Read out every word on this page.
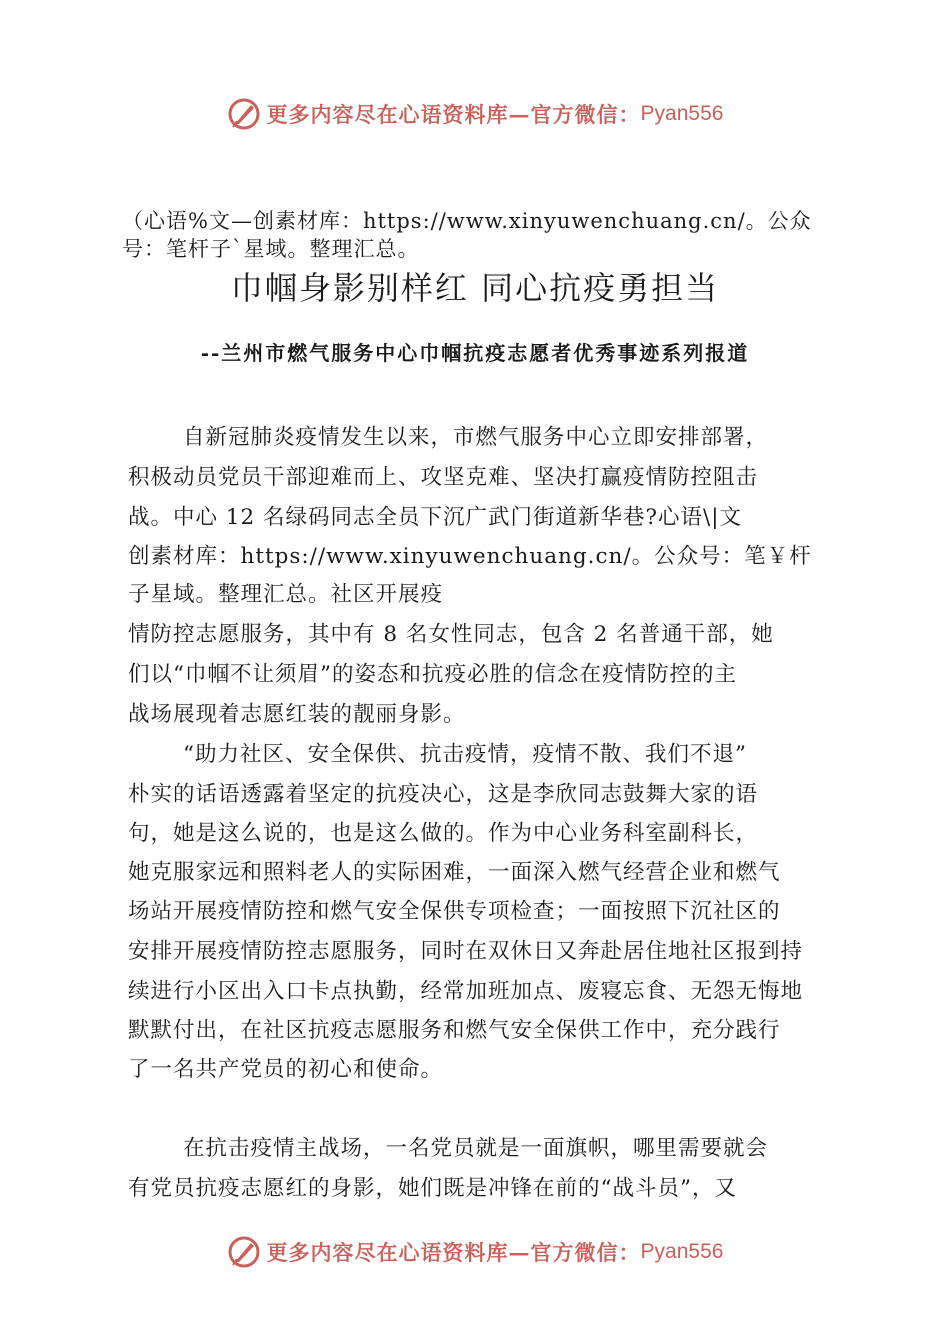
更多内容尽在心语资料库—官方微信： Pyan556
（心语%文—创素材库：https://www.xinyuwenchuang.cn/。公众
号：笔杆子`星域。整理汇总。
巾帼身影别样红 同心抗疫勇担当
--兰州市燃气服务中心巾帼抗疫志愿者优秀事迹系列报道
自新冠肺炎疫情发生以来，市燃气服务中心立即安排部署，
积极动员党员干部迎难而上、攻坚克难、坚决打赢疫情防控阻击
战。中心 12 名绿码同志全员下沉广武门街道新华巷?心语\|文
创素材库：https://www.xinyuwenchuang.cn/。公众号：笔￥杆
子星域。整理汇总。社区开展疫
情防控志愿服务，其中有 8 名女性同志，包含 2 名普通干部，她
们以“巾帼不让须眉”的姿态和抗疫必胜的信念在疫情防控的主
战场展现着志愿红装的靓丽身影。
“助力社区、安全保供、抗击疫情，疫情不散、我们不退”
朴实的话语透露着坚定的抗疫决心，这是李欣同志鼓舞大家的语
句，她是这么说的，也是这么做的。作为中心业务科室副科长，
她克服家远和照料老人的实际困难，一面深入燃气经营企业和燃气
场站开展疫情防控和燃气安全保供专项检查；一面按照下沉社区的
安排开展疫情防控志愿服务，同时在双休日又奔赴居住地社区报到持
续进行小区出入口卡点执勤，经常加班加点、废寝忘食、无怨无悔地
默默付出，在社区抗疫志愿服务和燃气安全保供工作中，充分践行
了一名共产党员的初心和使命。
在抗击疫情主战场，一名党员就是一面旗帜，哪里需要就会
有党员抗疫志愿红的身影，她们既是冲锋在前的“战斗员”，又
更多内容尽在心语资料库—官方微信： Pyan556
